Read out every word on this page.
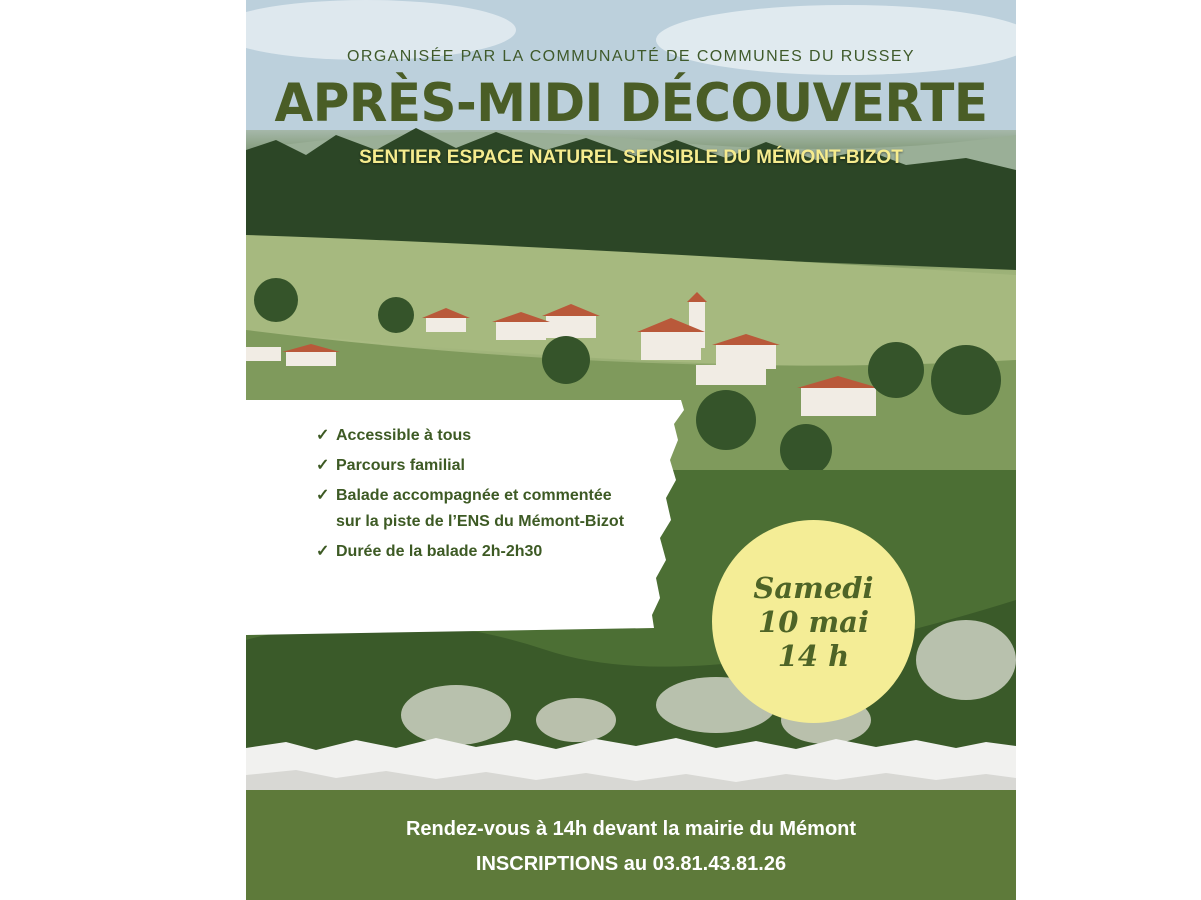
ORGANISÉE PAR LA COMMUNAUTÉ DE COMMUNES DU RUSSEY
APRÈS-MIDI DÉCOUVERTE
SENTIER ESPACE NATUREL SENSIBLE DU MÉMONT-BIZOT
✓ Accessible à tous
✓ Parcours familial
✓ Balade accompagnée et commentée sur la piste de l’ENS du Mémont-Bizot
✓ Durée de la balade 2h-2h30
Samedi
10 mai
14 h
Rendez-vous à 14h devant la mairie du Mémont
INSCRIPTIONS au 03.81.43.81.26
